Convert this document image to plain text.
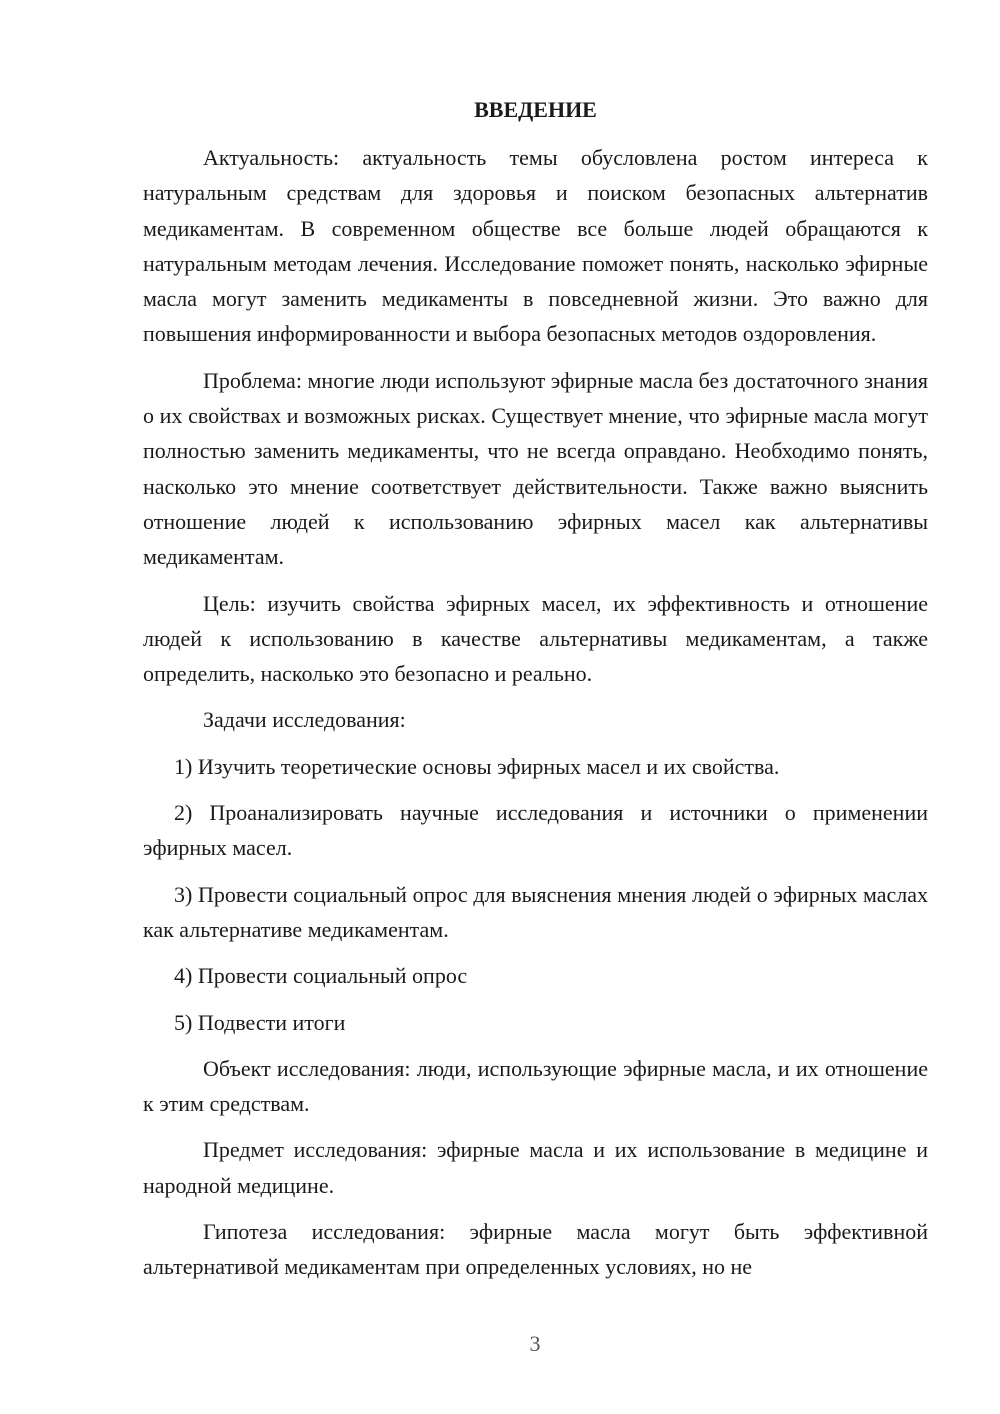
ВВЕДЕНИЕ

Актуальность: актуальность темы обусловлена ростом интереса к натуральным средствам для здоровья и поиском безопасных альтернатив медикаментам. В современном обществе все больше людей обращаются к натуральным методам лечения. Исследование поможет понять, насколько эфирные масла могут заменить медикаменты в повседневной жизни. Это важно для повышения информированности и выбора безопасных методов оздоровления.

Проблема: многие люди используют эфирные масла без достаточного знания о их свойствах и возможных рисках. Существует мнение, что эфирные масла могут полностью заменить медикаменты, что не всегда оправдано. Необходимо понять, насколько это мнение соответствует действительности. Также важно выяснить отношение людей к использованию эфирных масел как альтернативы медикаментам.

Цель: изучить свойства эфирных масел, их эффективность и отношение людей к использованию в качестве альтернативы медикаментам, а также определить, насколько это безопасно и реально.

Задачи исследования:

1) Изучить теоретические основы эфирных масел и их свойства.

2) Проанализировать научные исследования и источники о применении эфирных масел.

3) Провести социальный опрос для выяснения мнения людей о эфирных маслах как альтернативе медикаментам.

4) Провести социальный опрос

5) Подвести итоги

Объект исследования: люди, использующие эфирные масла, и их отношение к этим средствам.

Предмет исследования: эфирные масла и их использование в медицине и народной медицине.

Гипотеза исследования: эфирные масла могут быть эффективной альтернативой медикаментам при определенных условиях, но не

3
